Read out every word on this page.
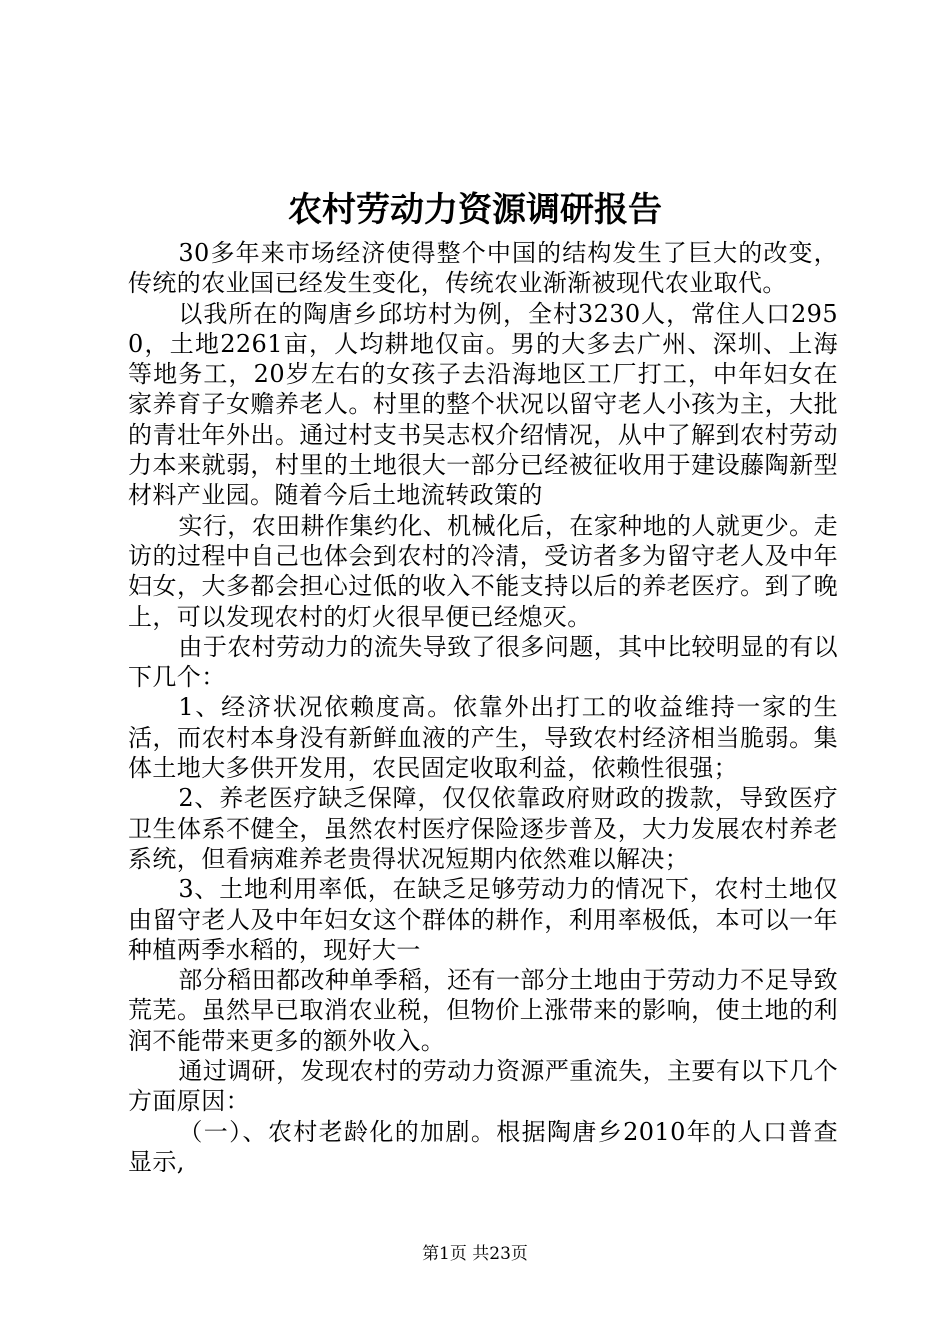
农村劳动力资源调研报告

30多年来市场经济使得整个中国的结构发生了巨大的改变，传统的农业国已经发生变化，传统农业渐渐被现代农业取代。

以我所在的陶唐乡邱坊村为例，全村3230人，常住人口2950，土地2261亩，人均耕地仅亩。男的大多去广州、深圳、上海等地务工，20岁左右的女孩子去沿海地区工厂打工，中年妇女在家养育子女赡养老人。村里的整个状况以留守老人小孩为主，大批的青壮年外出。通过村支书吴志权介绍情况，从中了解到农村劳动力本来就弱，村里的土地很大一部分已经被征收用于建设藤陶新型材料产业园。随着今后土地流转政策的

实行，农田耕作集约化、机械化后，在家种地的人就更少。走访的过程中自己也体会到农村的冷清，受访者多为留守老人及中年妇女，大多都会担心过低的收入不能支持以后的养老医疗。到了晚上，可以发现农村的灯火很早便已经熄灭。

由于农村劳动力的流失导致了很多问题，其中比较明显的有以下几个：

1、经济状况依赖度高。依靠外出打工的收益维持一家的生活，而农村本身没有新鲜血液的产生，导致农村经济相当脆弱。集体土地大多供开发用，农民固定收取利益，依赖性很强；

2、养老医疗缺乏保障，仅仅依靠政府财政的拨款，导致医疗卫生体系不健全，虽然农村医疗保险逐步普及，大力发展农村养老系统，但看病难养老贵得状况短期内依然难以解决；

3、土地利用率低，在缺乏足够劳动力的情况下，农村土地仅由留守老人及中年妇女这个群体的耕作，利用率极低，本可以一年种植两季水稻的，现好大一

部分稻田都改种单季稻，还有一部分土地由于劳动力不足导致荒芜。虽然早已取消农业税，但物价上涨带来的影响，使土地的利润不能带来更多的额外收入。

通过调研，发现农村的劳动力资源严重流失，主要有以下几个方面原因：

（一）、农村老龄化的加剧。根据陶唐乡2010年的人口普查显示,

第1页 共23页
